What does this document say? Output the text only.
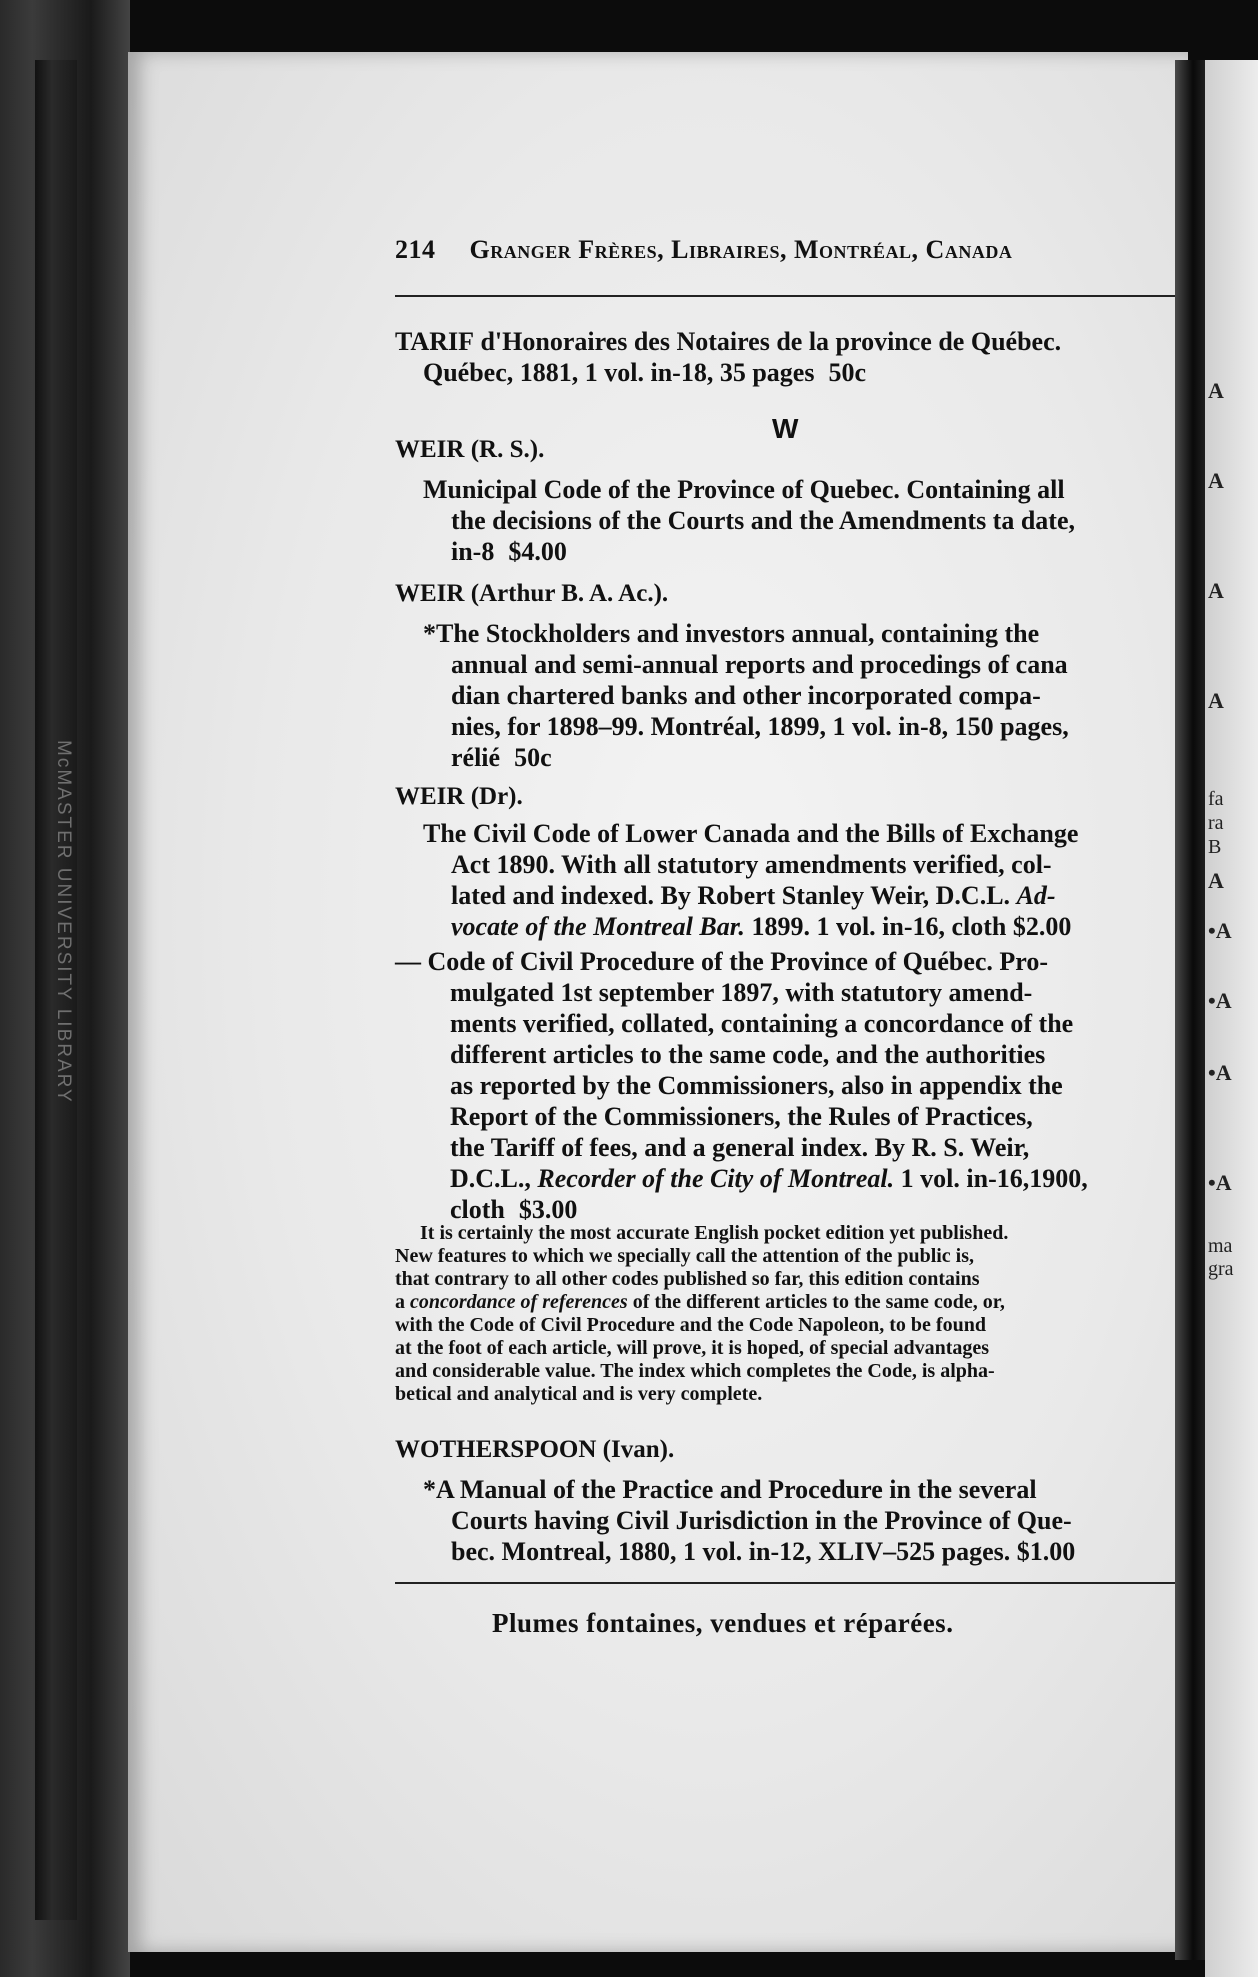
McMASTER UNIVERSITY LIBRARY
A
A
A
A
fa
ra
B
A
•A
•A
•A
•A
ma
gra
214 Granger Frères, Libraires, Montréal, Canada
TARIF d'Honoraires des Notaires de la province de Québec.
Québec, 1881, 1 vol. in-18, 35 pages 50c
W
WEIR (R. S.).
Municipal Code of the Province of Quebec. Containing all
the decisions of the Courts and the Amendments ta date,
in-8 $4.00
WEIR (Arthur B. A. Ac.).
*The Stockholders and investors annual, containing the
annual and semi-annual reports and procedings of cana
dian chartered banks and other incorporated compa-
nies, for 1898–99. Montréal, 1899, 1 vol. in-8, 150 pages,
rélié 50c
WEIR (Dr).
The Civil Code of Lower Canada and the Bills of Exchange
Act 1890. With all statutory amendments verified, col-
lated and indexed. By Robert Stanley Weir, D.C.L. Ad-
vocate of the Montreal Bar. 1899. 1 vol. in-16, cloth $2.00
— Code of Civil Procedure of the Province of Québec. Pro-
mulgated 1st september 1897, with statutory amend-
ments verified, collated, containing a concordance of the
different articles to the same code, and the authorities
as reported by the Commissioners, also in appendix the
Report of the Commissioners, the Rules of Practices,
the Tariff of fees, and a general index. By R. S. Weir,
D.C.L., Recorder of the City of Montreal. 1 vol. in-16,1900,
cloth $3.00
It is certainly the most accurate English pocket edition yet published.
New features to which we specially call the attention of the public is,
that contrary to all other codes published so far, this edition contains
a concordance of references of the different articles to the same code, or,
with the Code of Civil Procedure and the Code Napoleon, to be found
at the foot of each article, will prove, it is hoped, of special advantages
and considerable value. The index which completes the Code, is alpha-
betical and analytical and is very complete.
WOTHERSPOON (Ivan).
*A Manual of the Practice and Procedure in the several
Courts having Civil Jurisdiction in the Province of Que-
bec. Montreal, 1880, 1 vol. in-12, XLIV–525 pages. $1.00
Plumes fontaines, vendues et réparées.
